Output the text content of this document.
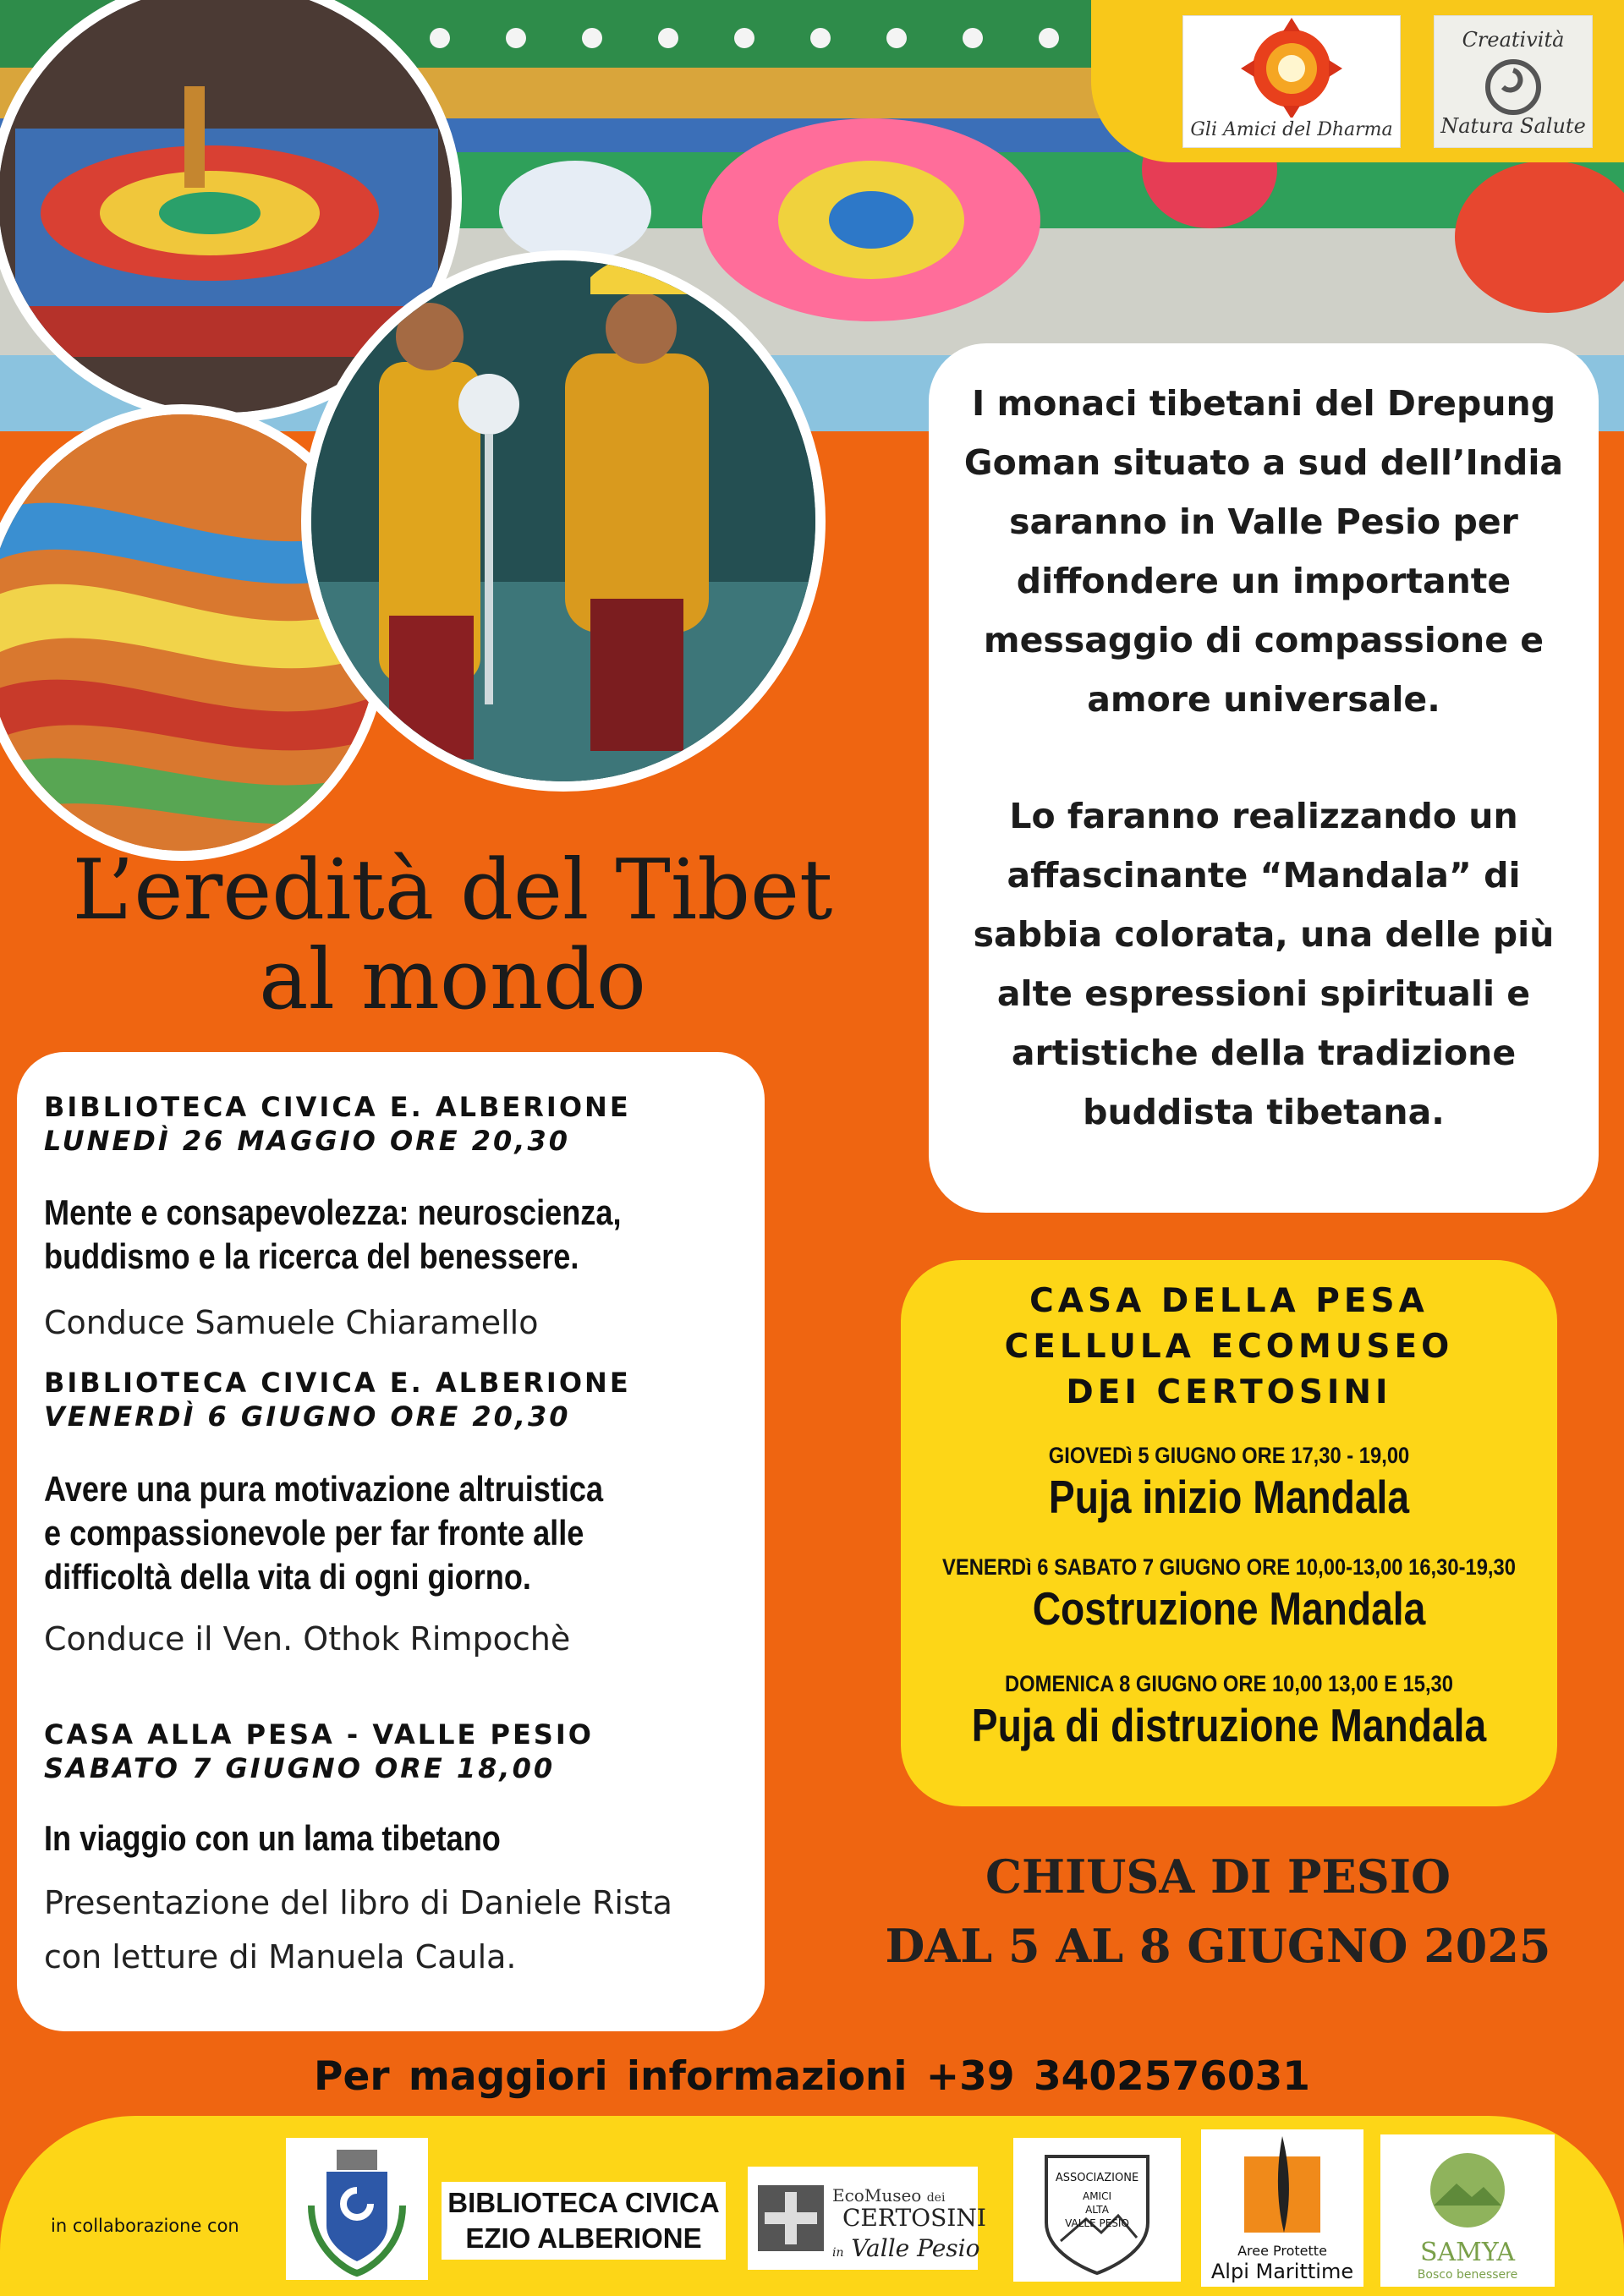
Gli Amici del Dharma
Creatività
Natura Salute
I monaci tibetani del Drepung
Goman situato a sud dell’India
saranno in Valle Pesio per
diffondere un importante
messaggio di compassione e
amore universale.
Lo faranno realizzando un
affascinante “Mandala” di
sabbia colorata, una delle più
alte espressioni spirituali e
artistiche della tradizione
buddista tibetana.
L’eredità del Tibet
al mondo
BIBLIOTECA CIVICA E. ALBERIONE
LUNEDÌ 26 MAGGIO ORE 20,30
Mente e consapevolezza: neuroscienza,
buddismo e la ricerca del benessere.
Conduce Samuele Chiaramello
BIBLIOTECA CIVICA E. ALBERIONE
VENERDÌ 6 GIUGNO ORE 20,30
Avere una pura motivazione altruistica
e compassionevole per far fronte alle
difficoltà della vita di ogni giorno.
Conduce il Ven. Othok Rimpochè
CASA ALLA PESA - VALLE PESIO
SABATO 7 GIUGNO ORE 18,00
In viaggio con un lama tibetano
Presentazione del libro di Daniele Rista
con letture di Manuela Caula.
CASA DELLA PESA
CELLULA ECOMUSEO
DEI CERTOSINI
GIOVEDì 5 GIUGNO ORE 17,30 - 19,00
Puja inizio Mandala
VENERDì 6 SABATO 7 GIUGNO ORE 10,00-13,00 16,30-19,30
Costruzione Mandala
DOMENICA 8 GIUGNO ORE 10,00 13,00 E 15,30
Puja di distruzione Mandala
CHIUSA DI PESIO
DAL 5 AL 8 GIUGNO 2025
Per maggiori informazioni +39 3402576031
in collaborazione con
BIBLIOTECA CIVICA
EZIO ALBERIONE
EcoMuseo dei
CERTOSINI
in Valle Pesio
ASSOCIAZIONE
AMICI
ALTA
VALLE PESIO
Aree Protette
Alpi Marittime
SAMYA
Bosco benessere
